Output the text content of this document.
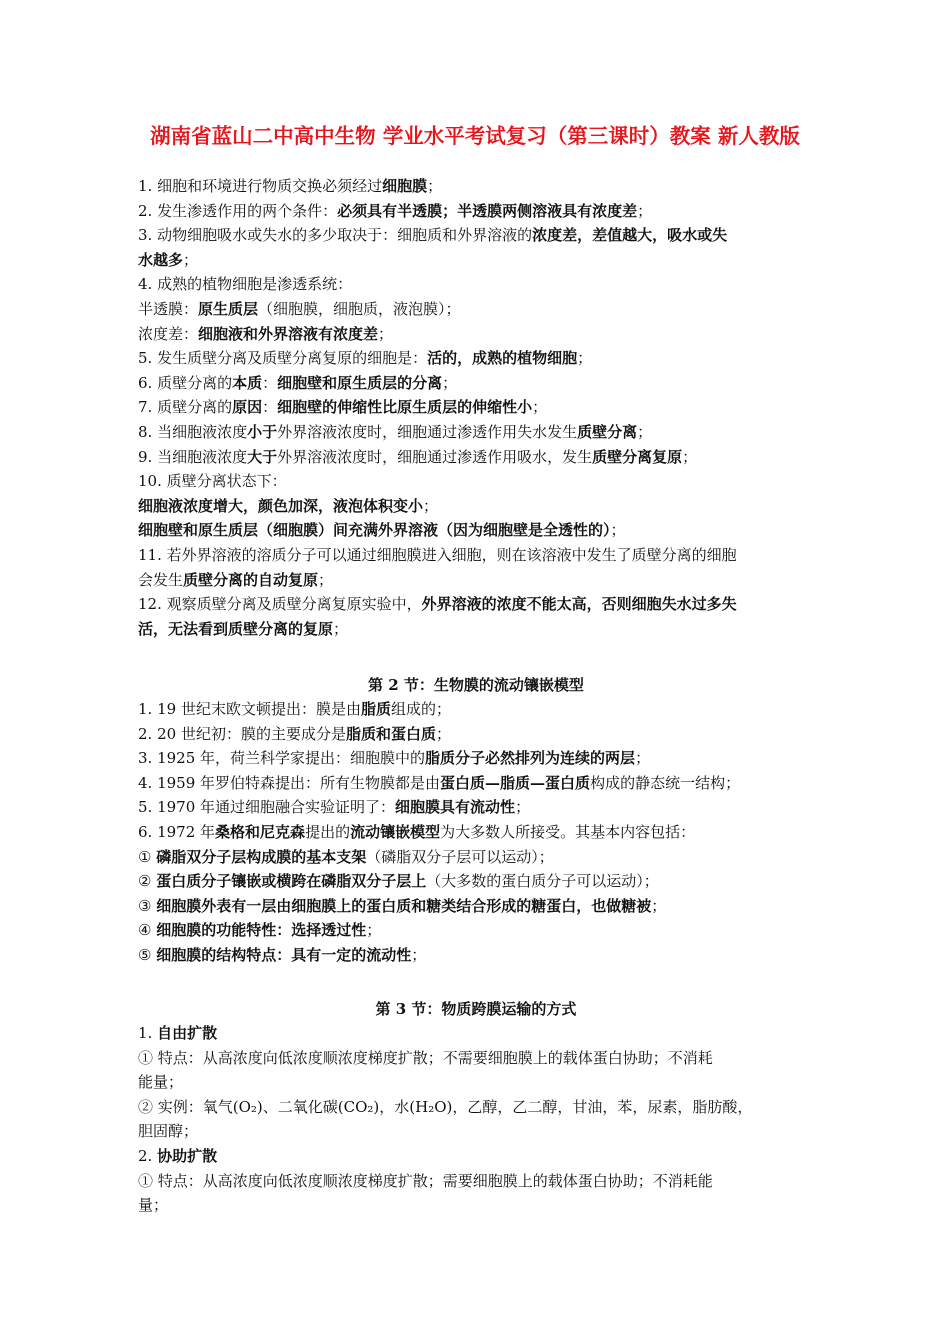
湖南省蓝山二中高中生物 学业水平考试复习（第三课时）教案 新人教版
1. 细胞和环境进行物质交换必须经过细胞膜；
2. 发生渗透作用的两个条件：必须具有半透膜；半透膜两侧溶液具有浓度差；
3. 动物细胞吸水或失水的多少取决于：细胞质和外界溶液的浓度差，差值越大，吸水或失
水越多；
4. 成熟的植物细胞是渗透系统：
半透膜：原生质层（细胞膜，细胞质，液泡膜）；
浓度差：细胞液和外界溶液有浓度差；
5. 发生质壁分离及质壁分离复原的细胞是：活的，成熟的植物细胞；
6. 质壁分离的本质：细胞壁和原生质层的分离；
7. 质壁分离的原因：细胞壁的伸缩性比原生质层的伸缩性小；
8. 当细胞液浓度小于外界溶液浓度时，细胞通过渗透作用失水发生质壁分离；
9. 当细胞液浓度大于外界溶液浓度时，细胞通过渗透作用吸水，发生质壁分离复原；
10. 质壁分离状态下：
细胞液浓度增大，颜色加深，液泡体积变小；
细胞壁和原生质层（细胞膜）间充满外界溶液（因为细胞壁是全透性的）；
11. 若外界溶液的溶质分子可以通过细胞膜进入细胞，则在该溶液中发生了质壁分离的细胞
会发生质壁分离的自动复原；
12. 观察质壁分离及质壁分离复原实验中，外界溶液的浓度不能太高，否则细胞失水过多失
活，无法看到质壁分离的复原；
第 2 节：生物膜的流动镶嵌模型
1. 19 世纪末欧文顿提出：膜是由脂质组成的；
2. 20 世纪初：膜的主要成分是脂质和蛋白质；
3. 1925 年，荷兰科学家提出：细胞膜中的脂质分子必然排列为连续的两层；
4. 1959 年罗伯特森提出：所有生物膜都是由蛋白质—脂质—蛋白质构成的静态统一结构；
5. 1970 年通过细胞融合实验证明了：细胞膜具有流动性；
6. 1972 年桑格和尼克森提出的流动镶嵌模型为大多数人所接受。其基本内容包括：
① 磷脂双分子层构成膜的基本支架（磷脂双分子层可以运动）；
② 蛋白质分子镶嵌或横跨在磷脂双分子层上（大多数的蛋白质分子可以运动）；
③ 细胞膜外表有一层由细胞膜上的蛋白质和糖类结合形成的糖蛋白，也做糖被；
④ 细胞膜的功能特性：选择透过性；
⑤ 细胞膜的结构特点：具有一定的流动性；
第 3 节：物质跨膜运输的方式
1. 自由扩散
① 特点：从高浓度向低浓度顺浓度梯度扩散；不需要细胞膜上的载体蛋白协助；不消耗
能量；
② 实例：氧气(O₂)、二氧化碳(CO₂)，水(H₂O)，乙醇，乙二醇，甘油，苯，尿素，脂肪酸，
胆固醇；
2. 协助扩散
① 特点：从高浓度向低浓度顺浓度梯度扩散；需要细胞膜上的载体蛋白协助；不消耗能
量；
